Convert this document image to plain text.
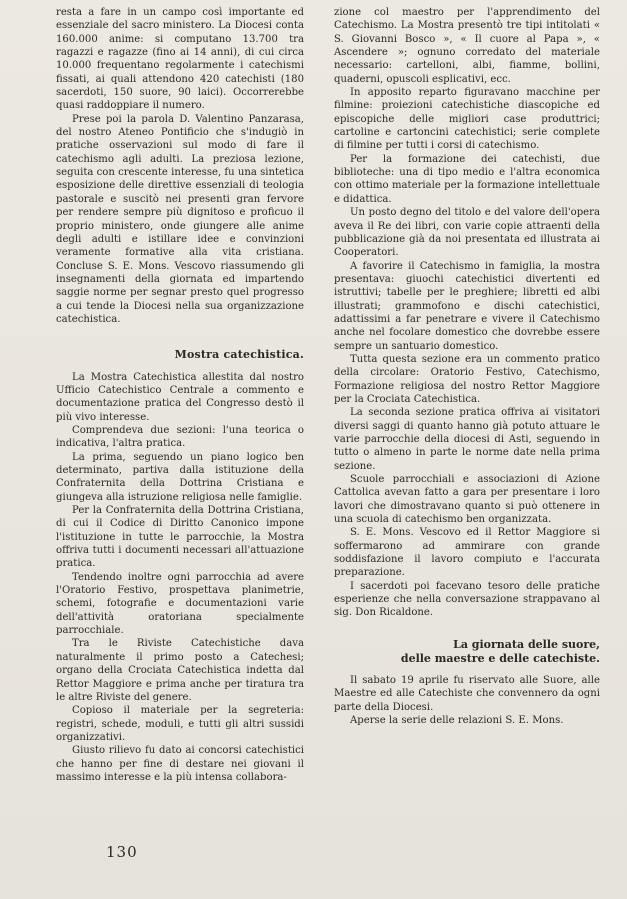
resta a fare in un campo così importante ed essenziale del sacro ministero. La Diocesi conta 160.000 anime: si computano 13.700 tra ragazzi e ragazze (fino ai 14 anni), di cui circa 10.000 frequentano regolarmente i catechismi fissati, ai quali attendono 420 catechisti (180 sacerdoti, 150 suore, 90 laici). Occorrerebbe quasi raddoppiare il numero.

Prese poi la parola D. Valentino Panzarasa, del nostro Ateneo Pontificio che s'indugiò in pratiche osservazioni sul modo di fare il catechismo agli adulti. La preziosa lezione, seguita con crescente interesse, fu una sintetica esposizione delle direttive essenziali di teologia pastorale e suscitò nei presenti gran fervore per rendere sempre più dignitoso e proficuo il proprio ministero, onde giungere alle anime degli adulti e istillare idee e convinzioni veramente formative alla vita cristiana. Concluse S. E. Mons. Vescovo riassumendo gli insegnamenti della giornata ed impartendo saggie norme per segnar presto quel progresso a cui tende la Diocesi nella sua organizzazione catechistica.

Mostra catechistica.

La Mostra Catechistica allestita dal nostro Ufficio Catechistico Centrale a commento e documentazione pratica del Congresso destò il più vivo interesse.

Comprendeva due sezioni: l'una teorica o indicativa, l'altra pratica.

La prima, seguendo un piano logico ben determinato, partiva dalla istituzione della Confraternita della Dottrina Cristiana e giungeva alla istruzione religiosa nelle famiglie.

Per la Confraternita della Dottrina Cristiana, di cui il Codice di Diritto Canonico impone l'istituzione in tutte le parrocchie, la Mostra offriva tutti i documenti necessari all'attuazione pratica.

Tendendo inoltre ogni parrocchia ad avere l'Oratorio Festivo, prospettava planimetrie, schemi, fotografie e documentazioni varie dell'attività oratoriana specialmente parrocchiale.

Tra le Riviste Catechistiche dava naturalmente il primo posto a Catechesi; organo della Crociata Catechistica indetta dal Rettor Maggiore e prima anche per tiratura tra le altre Riviste del genere.

Copioso il materiale per la segreteria: registri, schede, moduli, e tutti gli altri sussidi organizzativi.

Giusto rilievo fu dato ai concorsi catechistici che hanno per fine di destare nei giovani il massimo interesse e la più intensa collabora-

zione col maestro per l'apprendimento del Catechismo. La Mostra presentò tre tipi intitolati « S. Giovanni Bosco », « Il cuore al Papa », « Ascendere »; ognuno corredato del materiale necessario: cartelloni, albi, fiamme, bollini, quaderni, opuscoli esplicativi, ecc.

In apposito reparto figuravano macchine per filmine: proiezioni catechistiche diascopiche ed episcopiche delle migliori case produttrici; cartoline e cartoncini catechistici; serie complete di filmine per tutti i corsi di catechismo.

Per la formazione dei catechisti, due biblioteche: una di tipo medio e l'altra economica con ottimo materiale per la formazione intellettuale e didattica.

Un posto degno del titolo e del valore dell'opera aveva il Re dei libri, con varie copie attraenti della pubblicazione già da noi presentata ed illustrata ai Cooperatori.

A favorire il Catechismo in famiglia, la mostra presentava: giuochi catechistici divertenti ed istruttivi; tabelle per le preghiere; libretti ed albi illustrati; grammofono e dischi catechistici, adattissimi a far penetrare e vivere il Catechismo anche nel focolare domestico che dovrebbe essere sempre un santuario domestico.

Tutta questa sezione era un commento pratico della circolare: Oratorio Festivo, Catechismo, Formazione religiosa del nostro Rettor Maggiore per la Crociata Catechistica.

La seconda sezione pratica offriva ai visitatori diversi saggi di quanto hanno già potuto attuare le varie parrocchie della diocesi di Asti, seguendo in tutto o almeno in parte le norme date nella prima sezione.

Scuole parrocchiali e associazioni di Azione Cattolica avevan fatto a gara per presentare i loro lavori che dimostravano quanto si può ottenere in una scuola di catechismo ben organizzata.

S. E. Mons. Vescovo ed il Rettor Maggiore si soffermarono ad ammirare con grande soddisfazione il lavoro compiuto e l'accurata preparazione.

I sacerdoti poi facevano tesoro delle pratiche esperienze che nella conversazione strappavano al sig. Don Ricaldone.

La giornata delle suore,

delle maestre e delle catechiste.

Il sabato 19 aprile fu riservato alle Suore, alle Maestre ed alle Catechiste che convennero da ogni parte della Diocesi.

Aperse la serie delle relazioni S. E. Mons.

130
